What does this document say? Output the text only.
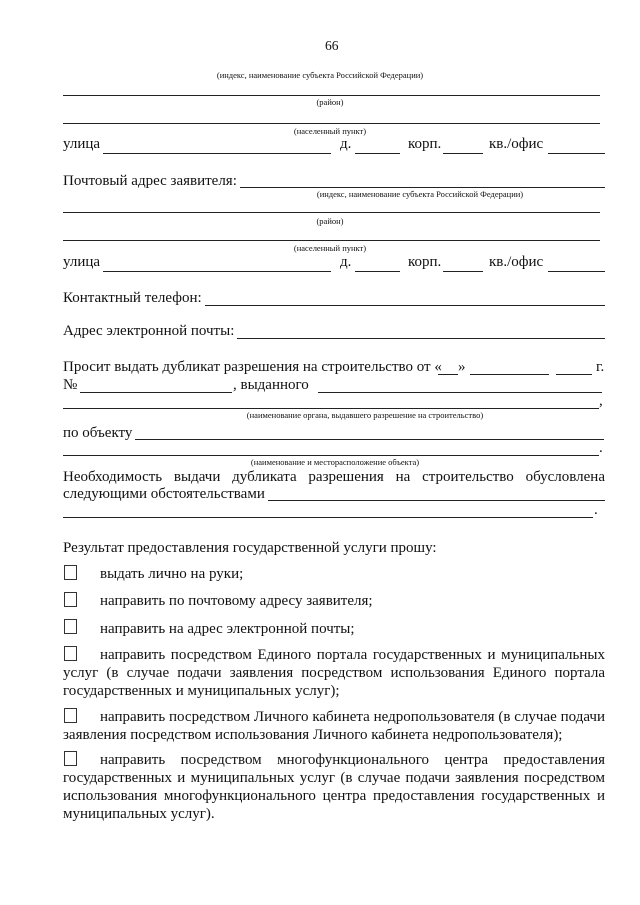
66
(индекс, наименование субъекта Российской Федерации)
(район)
(населенный пункт)
улица	д.	корп.	кв./офис
Почтовый адрес заявителя:
(индекс, наименование субъекта Российской Федерации)
(район)
(населенный пункт)
улица	д.	корп.	кв./офис
Контактный телефон:
Адрес электронной почты:
Просит выдать дубликат разрешения на строительство от « »	г.
№	, выданного
,
(наименование органа, выдавшего разрешение на строительство)
по объекту
.
(наименование и месторасположение объекта)
Необходимость выдачи дубликата разрешения на строительство обусловлена
следующими обстоятельствами
.
Результат предоставления государственной услуги прошу:
выдать лично на руки;
направить по почтовому адресу заявителя;
направить на адрес электронной почты;
направить посредством Единого портала государственных и муниципальных
услуг (в случае подачи заявления посредством использования Единого портала
государственных и муниципальных услуг);
направить посредством Личного кабинета недропользователя (в случае подачи
заявления посредством использования Личного кабинета недропользователя);
направить посредством многофункционального центра предоставления
государственных и муниципальных услуг (в случае подачи заявления посредством
использования многофункционального центра предоставления государственных и
муниципальных услуг).
